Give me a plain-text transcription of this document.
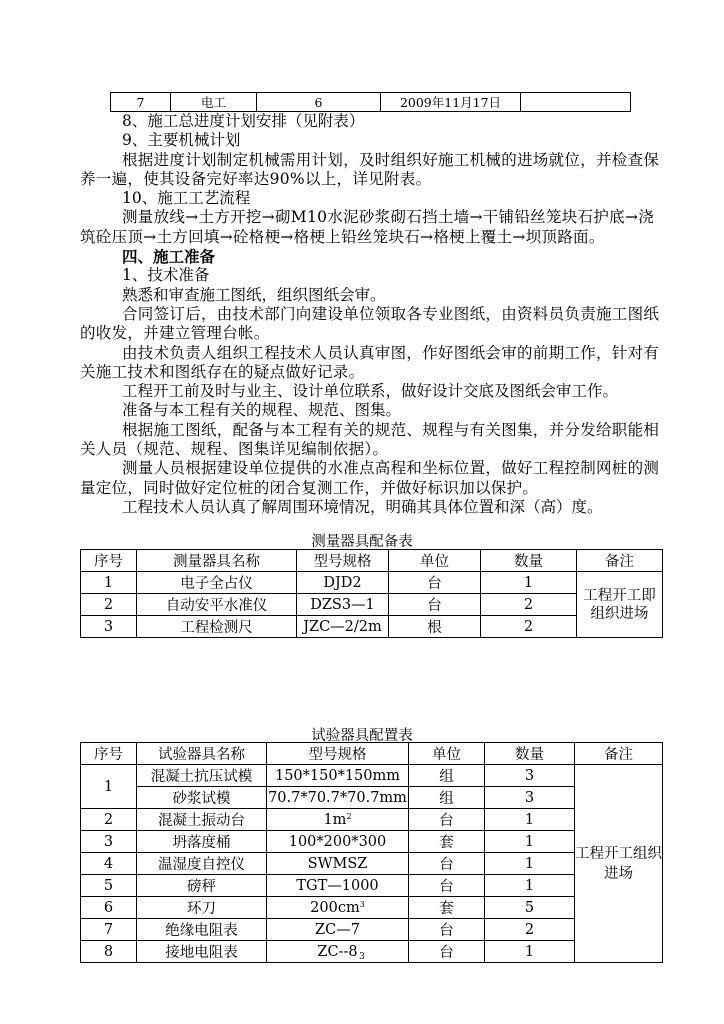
7	电工	6	2009年11月17日	

8、施工总进度计划安排（见附表）

9、主要机械计划

根据进度计划制定机械需用计划，及时组织好施工机械的进场就位，并检查保养一遍，使其设备完好率达90%以上，详见附表。

10、施工工艺流程

测量放线→土方开挖→砌M10水泥砂浆砌石挡土墙→干铺铅丝笼块石护底→浇筑砼压顶→土方回填→砼格梗→格梗上铅丝笼块石→格梗上覆土→坝顶路面。

四、施工准备

1、技术准备

熟悉和审查施工图纸，组织图纸会审。

合同签订后，由技术部门向建设单位领取各专业图纸，由资料员负责施工图纸的收发，并建立管理台帐。

由技术负责人组织工程技术人员认真审图，作好图纸会审的前期工作，针对有关施工技术和图纸存在的疑点做好记录。

工程开工前及时与业主、设计单位联系，做好设计交底及图纸会审工作。

准备与本工程有关的规程、规范、图集。

根据施工图纸，配备与本工程有关的规范、规程与有关图集，并分发给职能相关人员（规范、规程、图集详见编制依据）。

测量人员根据建设单位提供的水准点高程和坐标位置，做好工程控制网桩的测量定位，同时做好定位桩的闭合复测工作，并做好标识加以保护。

工程技术人员认真了解周围环境情况，明确其具体位置和深（高）度。

测量器具配备表
序号	测量器具名称	型号规格	单位	数量	备注
1	电子全占仪	DJD2	台	1	工程开工即组织进场
2	自动安平水准仪	DZS3—1	台	2	
3	工程检测尺	JZC—2/2m	根	2	
试验器具配置表
序号	试验器具名称	型号规格	单位	数量	备注
1	混凝土抗压试模	150*150*150mm	组	3	工程开工组织进场
	砂浆试模	70.7*70.7*70.7mm	组	3	
2	混凝土振动台	$1m^2$	台	1	
3	坍落度桶	100*200*300	套	1	
4	温湿度自控仪	SWMSZ	台	1	
5	磅秤	TGT—1000	台	1	
6	环刀	$200cm^3$	套	5	
7	绝缘电阻表	ZC—7	台	2	
8	接地电阻表	ZC--8	台	1	
3
